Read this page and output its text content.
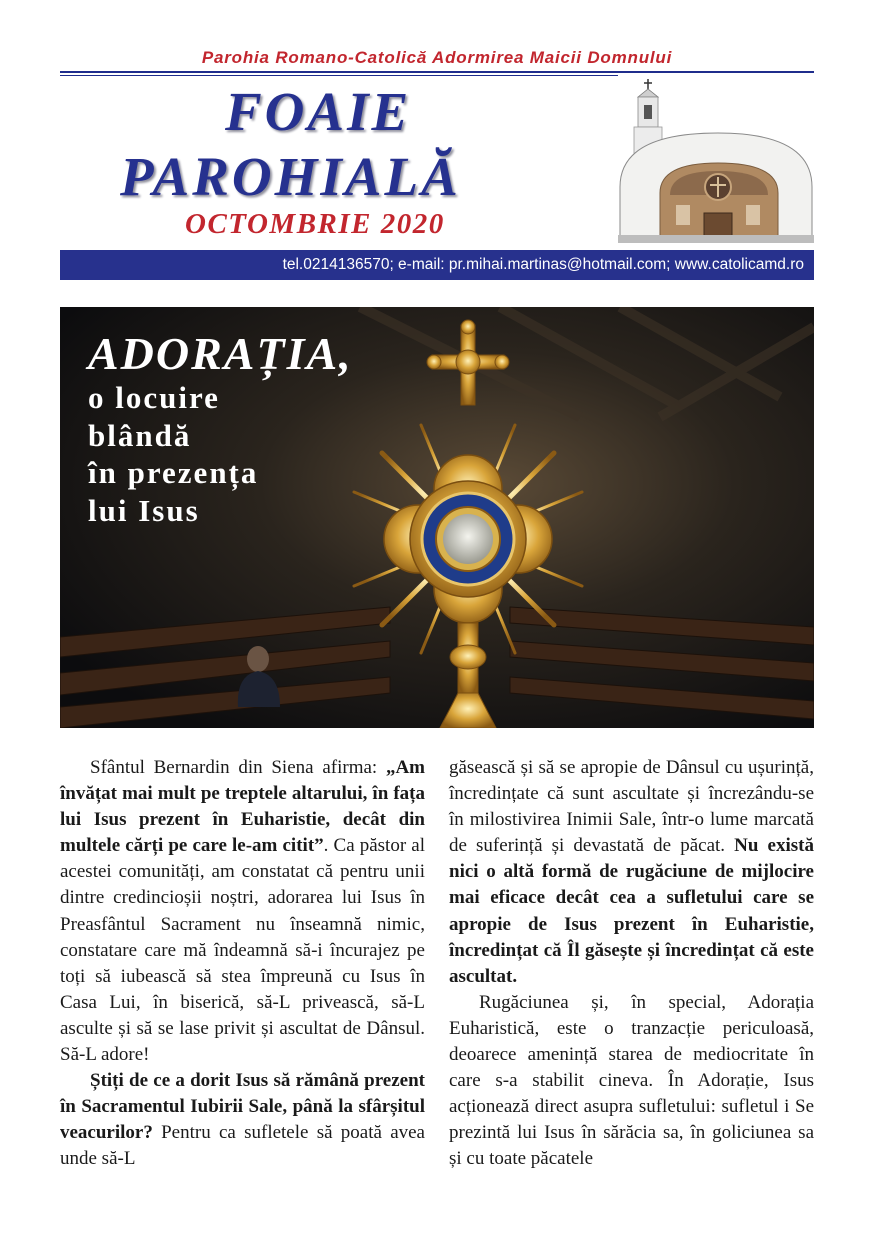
Parohia Romano-Catolică Adormirea Maicii Domnului
FOAIE
PAROHIALĂ
OCTOMBRIE 2020
tel.0214136570; e-mail: pr.mihai.martinas@hotmail.com; www.catolicamd.ro
ADORAȚIA,
o locuire
blândă
în prezența
lui Isus

Sfântul Bernardin din Siena afirma: „Am învățat mai mult pe treptele altarului, în fața lui Isus prezent în Euharistie, decât din multele cărți pe care le-am citit”. Ca păstor al acestei comunități, am constatat că pentru unii dintre credincioșii noștri, adorarea lui Isus în Preasfântul Sacrament nu înseamnă nimic, constatare care mă îndeamnă să-i încurajez pe toți să iubească să stea împreună cu Isus în Casa Lui, în biserică, să-L privească, să-L asculte și să se lase privit și ascultat de Dânsul. Să-L adore!

Știți de ce a dorit Isus să rămână prezent în Sacramentul Iubirii Sale, până la sfârșitul veacurilor? Pentru ca sufletele să poată avea unde să-L

găsească și să se apropie de Dânsul cu ușurință, încredințate că sunt ascultate și încrezându-se în milostivirea Inimii Sale, într-o lume marcată de suferință și devastată de păcat. Nu există nici o altă formă de rugăciune de mijlocire mai eficace decât cea a sufletului care se apropie de Isus prezent în Euharistie, încredințat că Îl găsește și încredințat că este ascultat.

Rugăciunea și, în special, Adorația Euharistică, este o tranzacție periculoasă, deoarece amenință starea de mediocritate în care s-a stabilit cineva. În Adorație, Isus acționează direct asupra sufletului: sufletul i Se prezintă lui Isus în sărăcia sa, în goliciunea sa și cu toate păcatele
